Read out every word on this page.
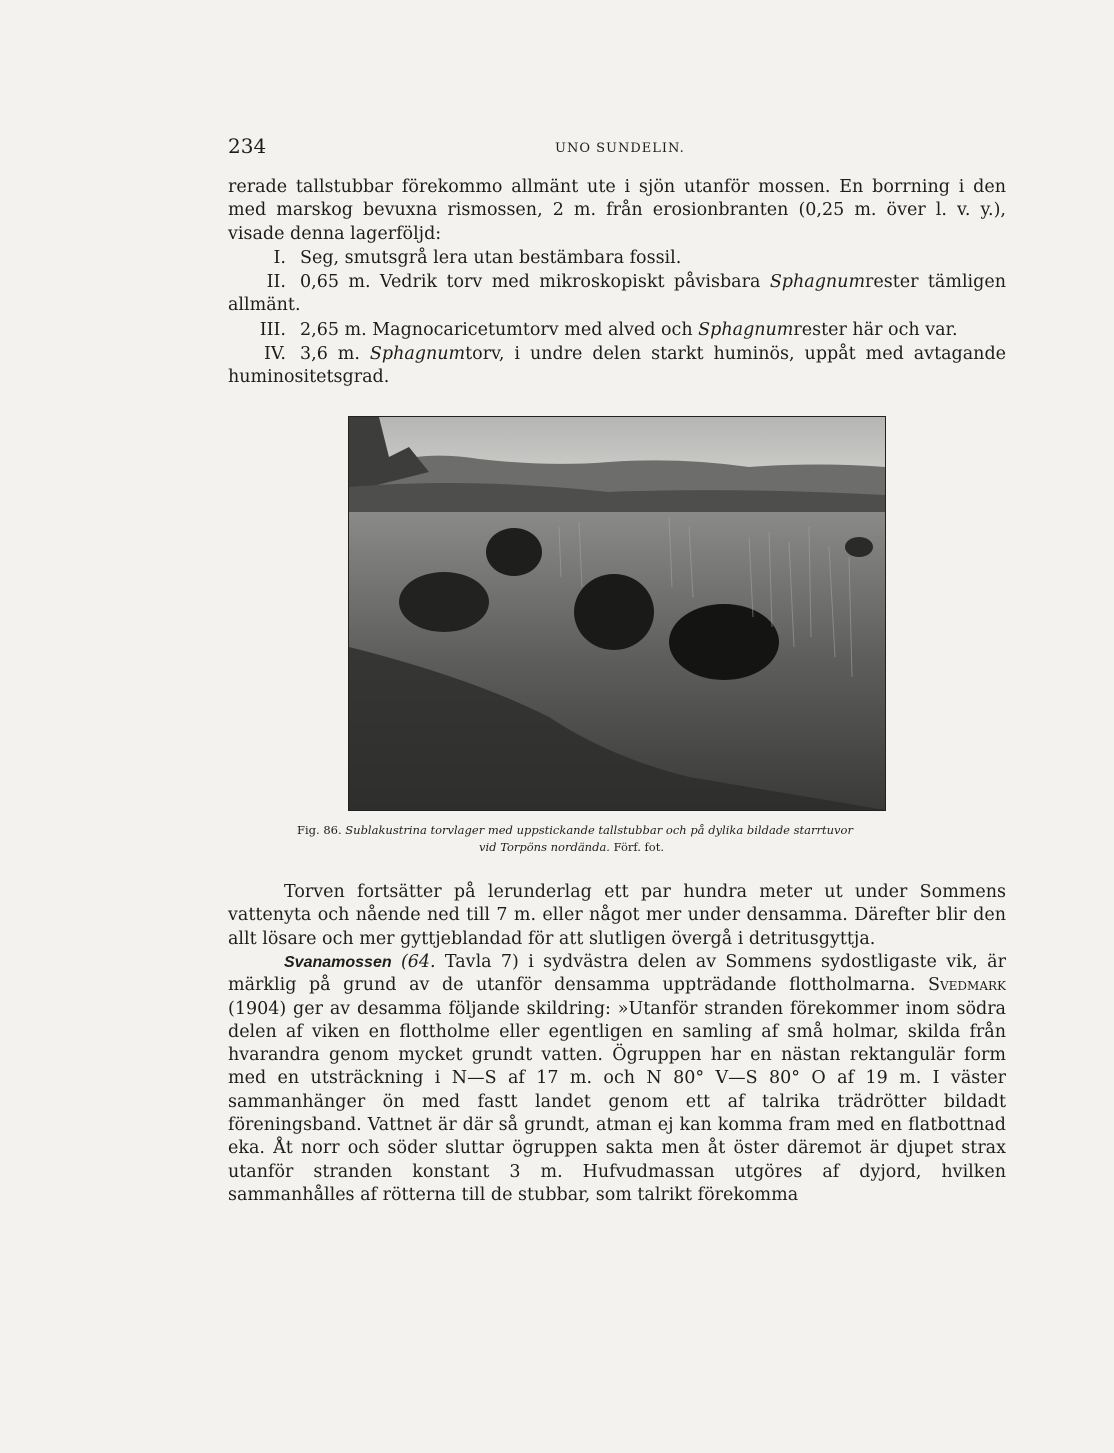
234	UNO SUNDELIN.

rerade tallstubbar förekommo allmänt ute i sjön utanför mossen. En borrning i den med marskog bevuxna rismossen, 2 m. från erosionbranten (0,25 m. över l. v. y.), visade denna lagerföljd:

I. Seg, smutsgrå lera utan bestämbara fossil.

II. 0,65 m. Vedrik torv med mikroskopiskt påvisbara Sphagnumrester tämligen allmänt.

III. 2,65 m. Magnocaricetumtorv med alved och Sphagnumrester här och var.

IV. 3,6 m. Sphagnumtorv, i undre delen starkt huminös, uppåt med avtagande huminositetsgrad.

Fig. 86. Sublakustrina torvlager med uppstickande tallstubbar och på dylika bildade starrtuvor
vid Torpöns nordända. Förf. fot.

Torven fortsätter på lerunderlag ett par hundra meter ut under Sommens vattenyta och nående ned till 7 m. eller något mer under densamma. Därefter blir den allt lösare och mer gyttjeblandad för att slutligen övergå i detritusgyttja.

Svanamossen (64. Tavla 7) i sydvästra delen av Sommens sydostligaste vik, är märklig på grund av de utanför densamma uppträdande flottholmarna. Svedmark (1904) ger av desamma följande skildring: »Utanför stranden förekommer inom södra delen af viken en flottholme eller egentligen en samling af små holmar, skilda från hvarandra genom mycket grundt vatten. Ögruppen har en nästan rektangulär form med en utsträckning i N—S af 17 m. och N 80° V—S 80° O af 19 m. I väster sammanhänger ön med fastt landet genom ett af talrika trädrötter bildadt föreningsband. Vattnet är där så grundt, atman ej kan komma fram med en flatbottnad eka. Åt norr och söder sluttar ögruppen sakta men åt öster däremot är djupet strax utanför stranden konstant 3 m. Hufvudmassan utgöres af dyjord, hvilken sammanhålles af rötterna till de stubbar, som talrikt förekomma
